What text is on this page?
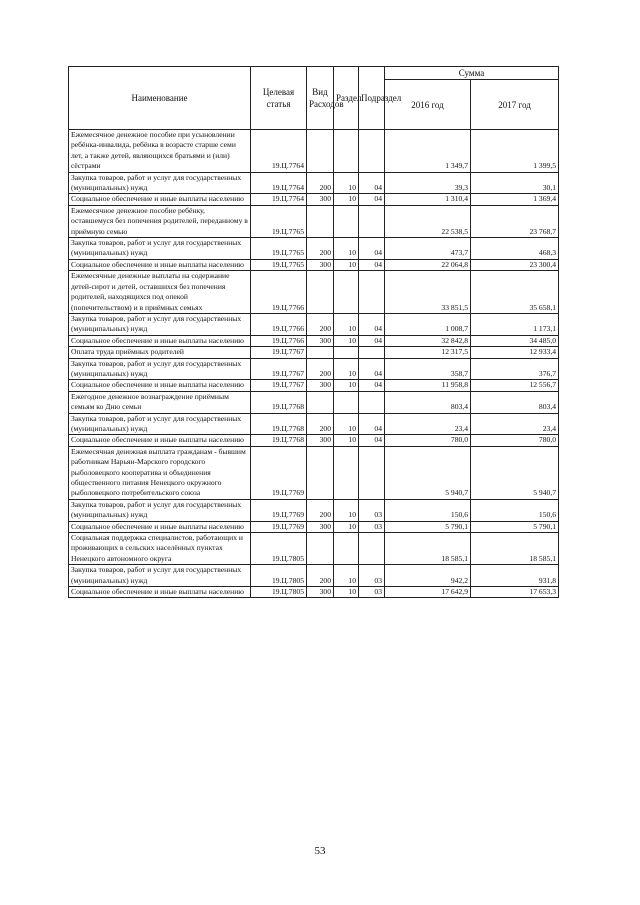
Наименование	Целевая статья	Вид Расходов	Раздел	Подраздел	Сумма	
					2016 год	2017 год
Ежемесячное денежное пособие при усыновлении ребёнка-инвалида, ребёнка в возрасте старше семи лет, а также детей, являющихся братьями и (или) сёстрами	19.Ц.7764				1 349,7	1 399,5
Закупка товаров, работ и услуг для государственных (муниципальных) нужд	19.Ц.7764	200	10	04	39,3	30,1
Социальное обеспечение и иные выплаты населению	19.Ц.7764	300	10	04	1 310,4	1 369,4
Ежемесячное денежное пособие ребёнку, оставшемуся без попечения родителей, переданному в приёмную семью	19.Ц.7765				22 538,5	23 768,7
Закупка товаров, работ и услуг для государственных (муниципальных) нужд	19.Ц.7765	200	10	04	473,7	468,3
Социальное обеспечение и иные выплаты населению	19.Ц.7765	300	10	04	22 064,8	23 300,4
Ежемесячные денежные выплаты на содержание детей-сирот и детей, оставшихся без попечения родителей, находящихся под опекой (попечительством) и в приёмных семьях	19.Ц.7766				33 851,5	35 658,1
Закупка товаров, работ и услуг для государственных (муниципальных) нужд	19.Ц.7766	200	10	04	1 008,7	1 173,1
Социальное обеспечение и иные выплаты населению	19.Ц.7766	300	10	04	32 842,8	34 485,0
Оплата труда приёмных родителей	19.Ц.7767				12 317,5	12 933,4
Закупка товаров, работ и услуг для государственных (муниципальных) нужд	19.Ц.7767	200	10	04	358,7	376,7
Социальное обеспечение и иные выплаты населению	19.Ц.7767	300	10	04	11 958,8	12 556,7
Ежегодное денежное вознаграждение приёмным семьям ко Дню семьи	19.Ц.7768				803,4	803,4
Закупка товаров, работ и услуг для государственных (муниципальных) нужд	19.Ц.7768	200	10	04	23,4	23,4
Социальное обеспечение и иные выплаты населению	19.Ц.7768	300	10	04	780,0	780,0
Ежемесячная денежная выплата гражданам - бывшим работникам Нарьян-Марского городского рыболовецкого кооператива и объединения общественного питания Ненецкого окружного рыболовецкого потребительского союза	19.Ц.7769				5 940,7	5 940,7
Закупка товаров, работ и услуг для государственных (муниципальных) нужд	19.Ц.7769	200	10	03	150,6	150,6
Социальное обеспечение и иные выплаты населению	19.Ц.7769	300	10	03	5 790,1	5 790,1
Социальная поддержка специалистов, работающих и проживающих в сельских населённых пунктах Ненецкого автономного округа	19.Ц.7805				18 585,1	18 585,1
Закупка товаров, работ и услуг для государственных (муниципальных) нужд	19.Ц.7805	200	10	03	942,2	931,8
Социальное обеспечение и иные выплаты населению	19.Ц.7805	300	10	03	17 642,9	17 653,3
53
